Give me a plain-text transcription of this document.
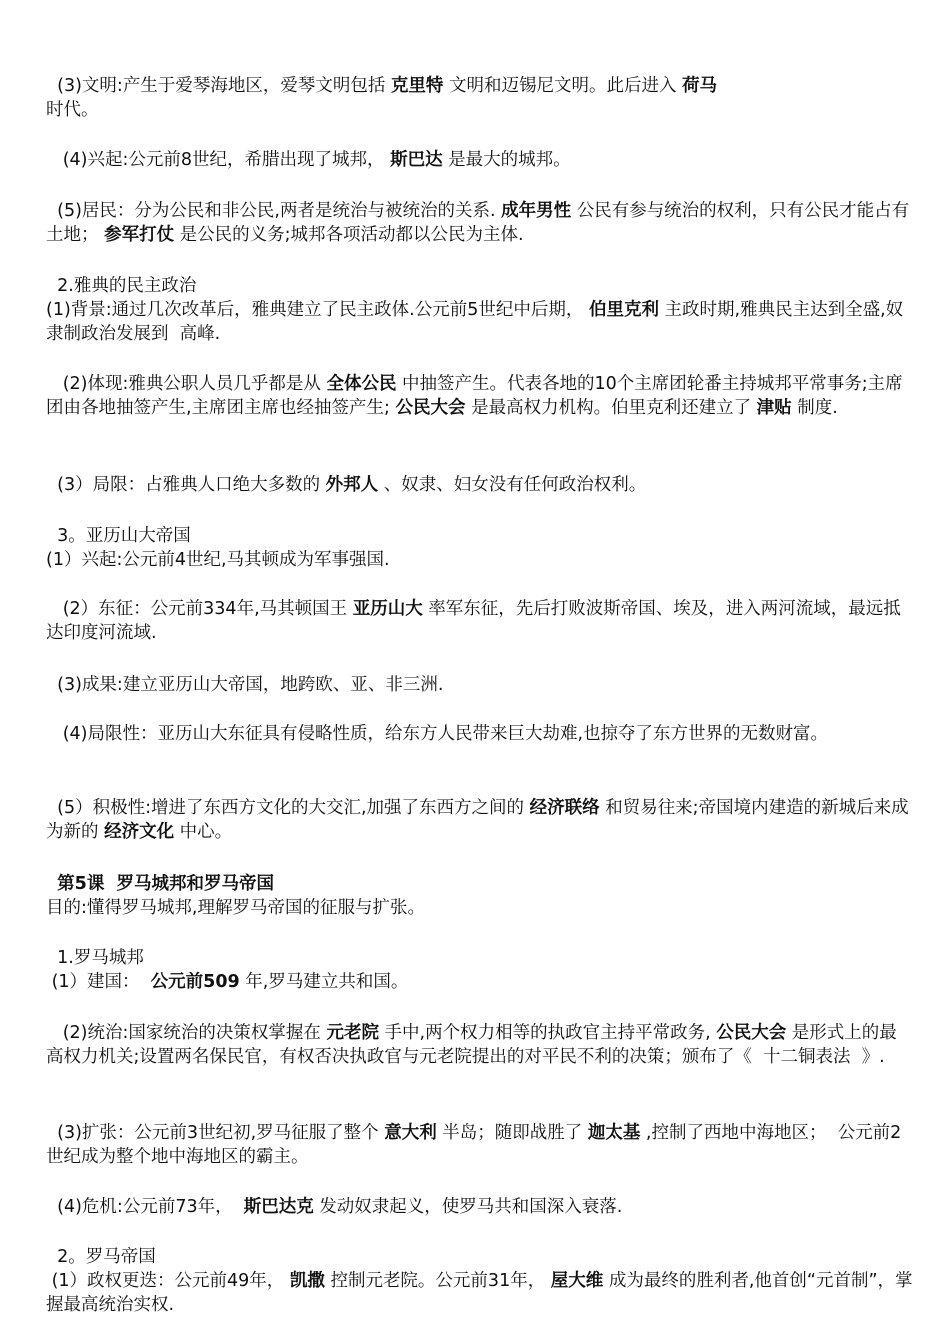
(3)文明:产生于爱琴海地区，爱琴文明包括 克里特 文明和迈锡尼文明。此后进入 荷马
时代。

(4)兴起:公元前8世纪，希腊出现了城邦， 斯巴达 是最大的城邦。

(5)居民：分为公民和非公民,两者是统治与被统治的关系. 成年男性 公民有参与统治的权利，只有公民才能占有土地； 参军打仗 是公民的义务;城邦各项活动都以公民为主体.

2.雅典的民主政治
(1)背景:通过几次改革后，雅典建立了民主政体.公元前5世纪中后期， 伯里克利 主政时期,雅典民主达到全盛,奴隶制政治发展到  高峰.

(2)体现:雅典公职人员几乎都是从 全体公民 中抽签产生。代表各地的10个主席团轮番主持城邦平常事务;主席团由各地抽签产生,主席团主席也经抽签产生; 公民大会 是最高权力机构。伯里克利还建立了 津贴 制度.

(3）局限：占雅典人口绝大多数的 外邦人 、奴隶、妇女没有任何政治权利。

3。亚历山大帝国
(1）兴起:公元前4世纪,马其顿成为军事强国.

(2）东征：公元前334年,马其顿国王 亚历山大 率军东征，先后打败波斯帝国、埃及，进入两河流域，最远抵达印度河流域.

(3)成果:建立亚历山大帝国，地跨欧、亚、非三洲.

(4)局限性：亚历山大东征具有侵略性质，给东方人民带来巨大劫难,也掠夺了东方世界的无数财富。

(5）积极性:增进了东西方文化的大交汇,加强了东西方之间的 经济联络 和贸易往来;帝国境内建造的新城后来成为新的 经济文化 中心。

第5课  罗马城邦和罗马帝国
目的:懂得罗马城邦,理解罗马帝国的征服与扩张。

1.罗马城邦
(1）建国：  公元前509 年,罗马建立共和国。

(2)统治:国家统治的决策权掌握在 元老院 手中,两个权力相等的执政官主持平常政务, 公民大会 是形式上的最高权力机关;设置两名保民官，有权否决执政官与元老院提出的对平民不利的决策；颁布了《  十二铜表法  》.

(3)扩张：公元前3世纪初,罗马征服了整个 意大利 半岛；随即战胜了 迦太基 ,控制了西地中海地区；  公元前2  世纪成为整个地中海地区的霸主。

(4)危机:公元前73年，  斯巴达克 发动奴隶起义，使罗马共和国深入衰落.

2。罗马帝国
(1）政权更迭：公元前49年， 凯撒 控制元老院。公元前31年， 屋大维 成为最终的胜利者,他首创“元首制”，掌握最高统治实权.
